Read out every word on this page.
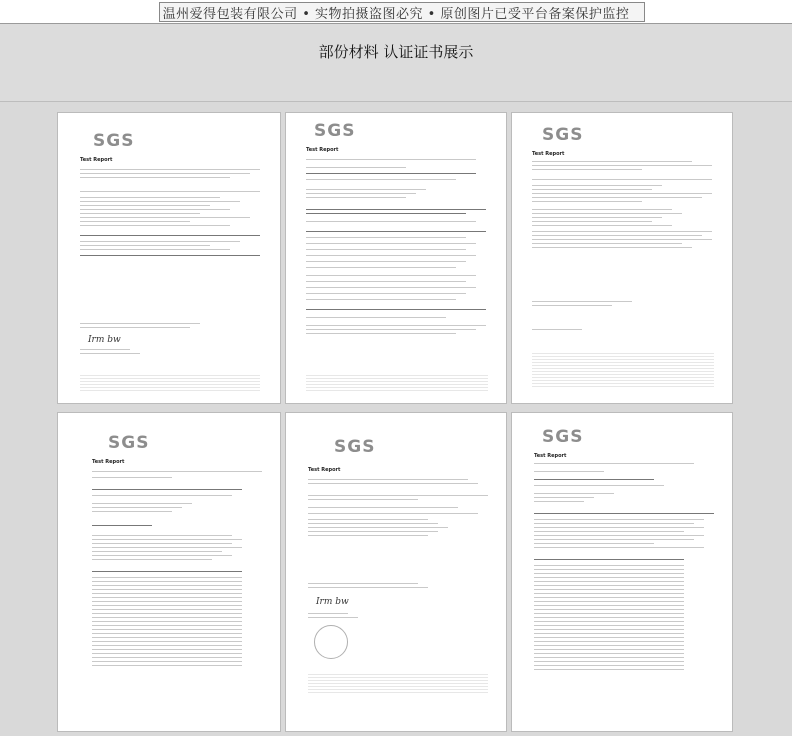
温州爱得包装有限公司 • 实物拍摄盗图必究 • 原创图片已受平台备案保护监控
部份材料 认证证书展示
SGS
Test Report
Irm bw
SGS
Test Report
SGS
Test Report
SGS
Test Report
SGS
Test Report
Irm bw
SGS
Test Report
